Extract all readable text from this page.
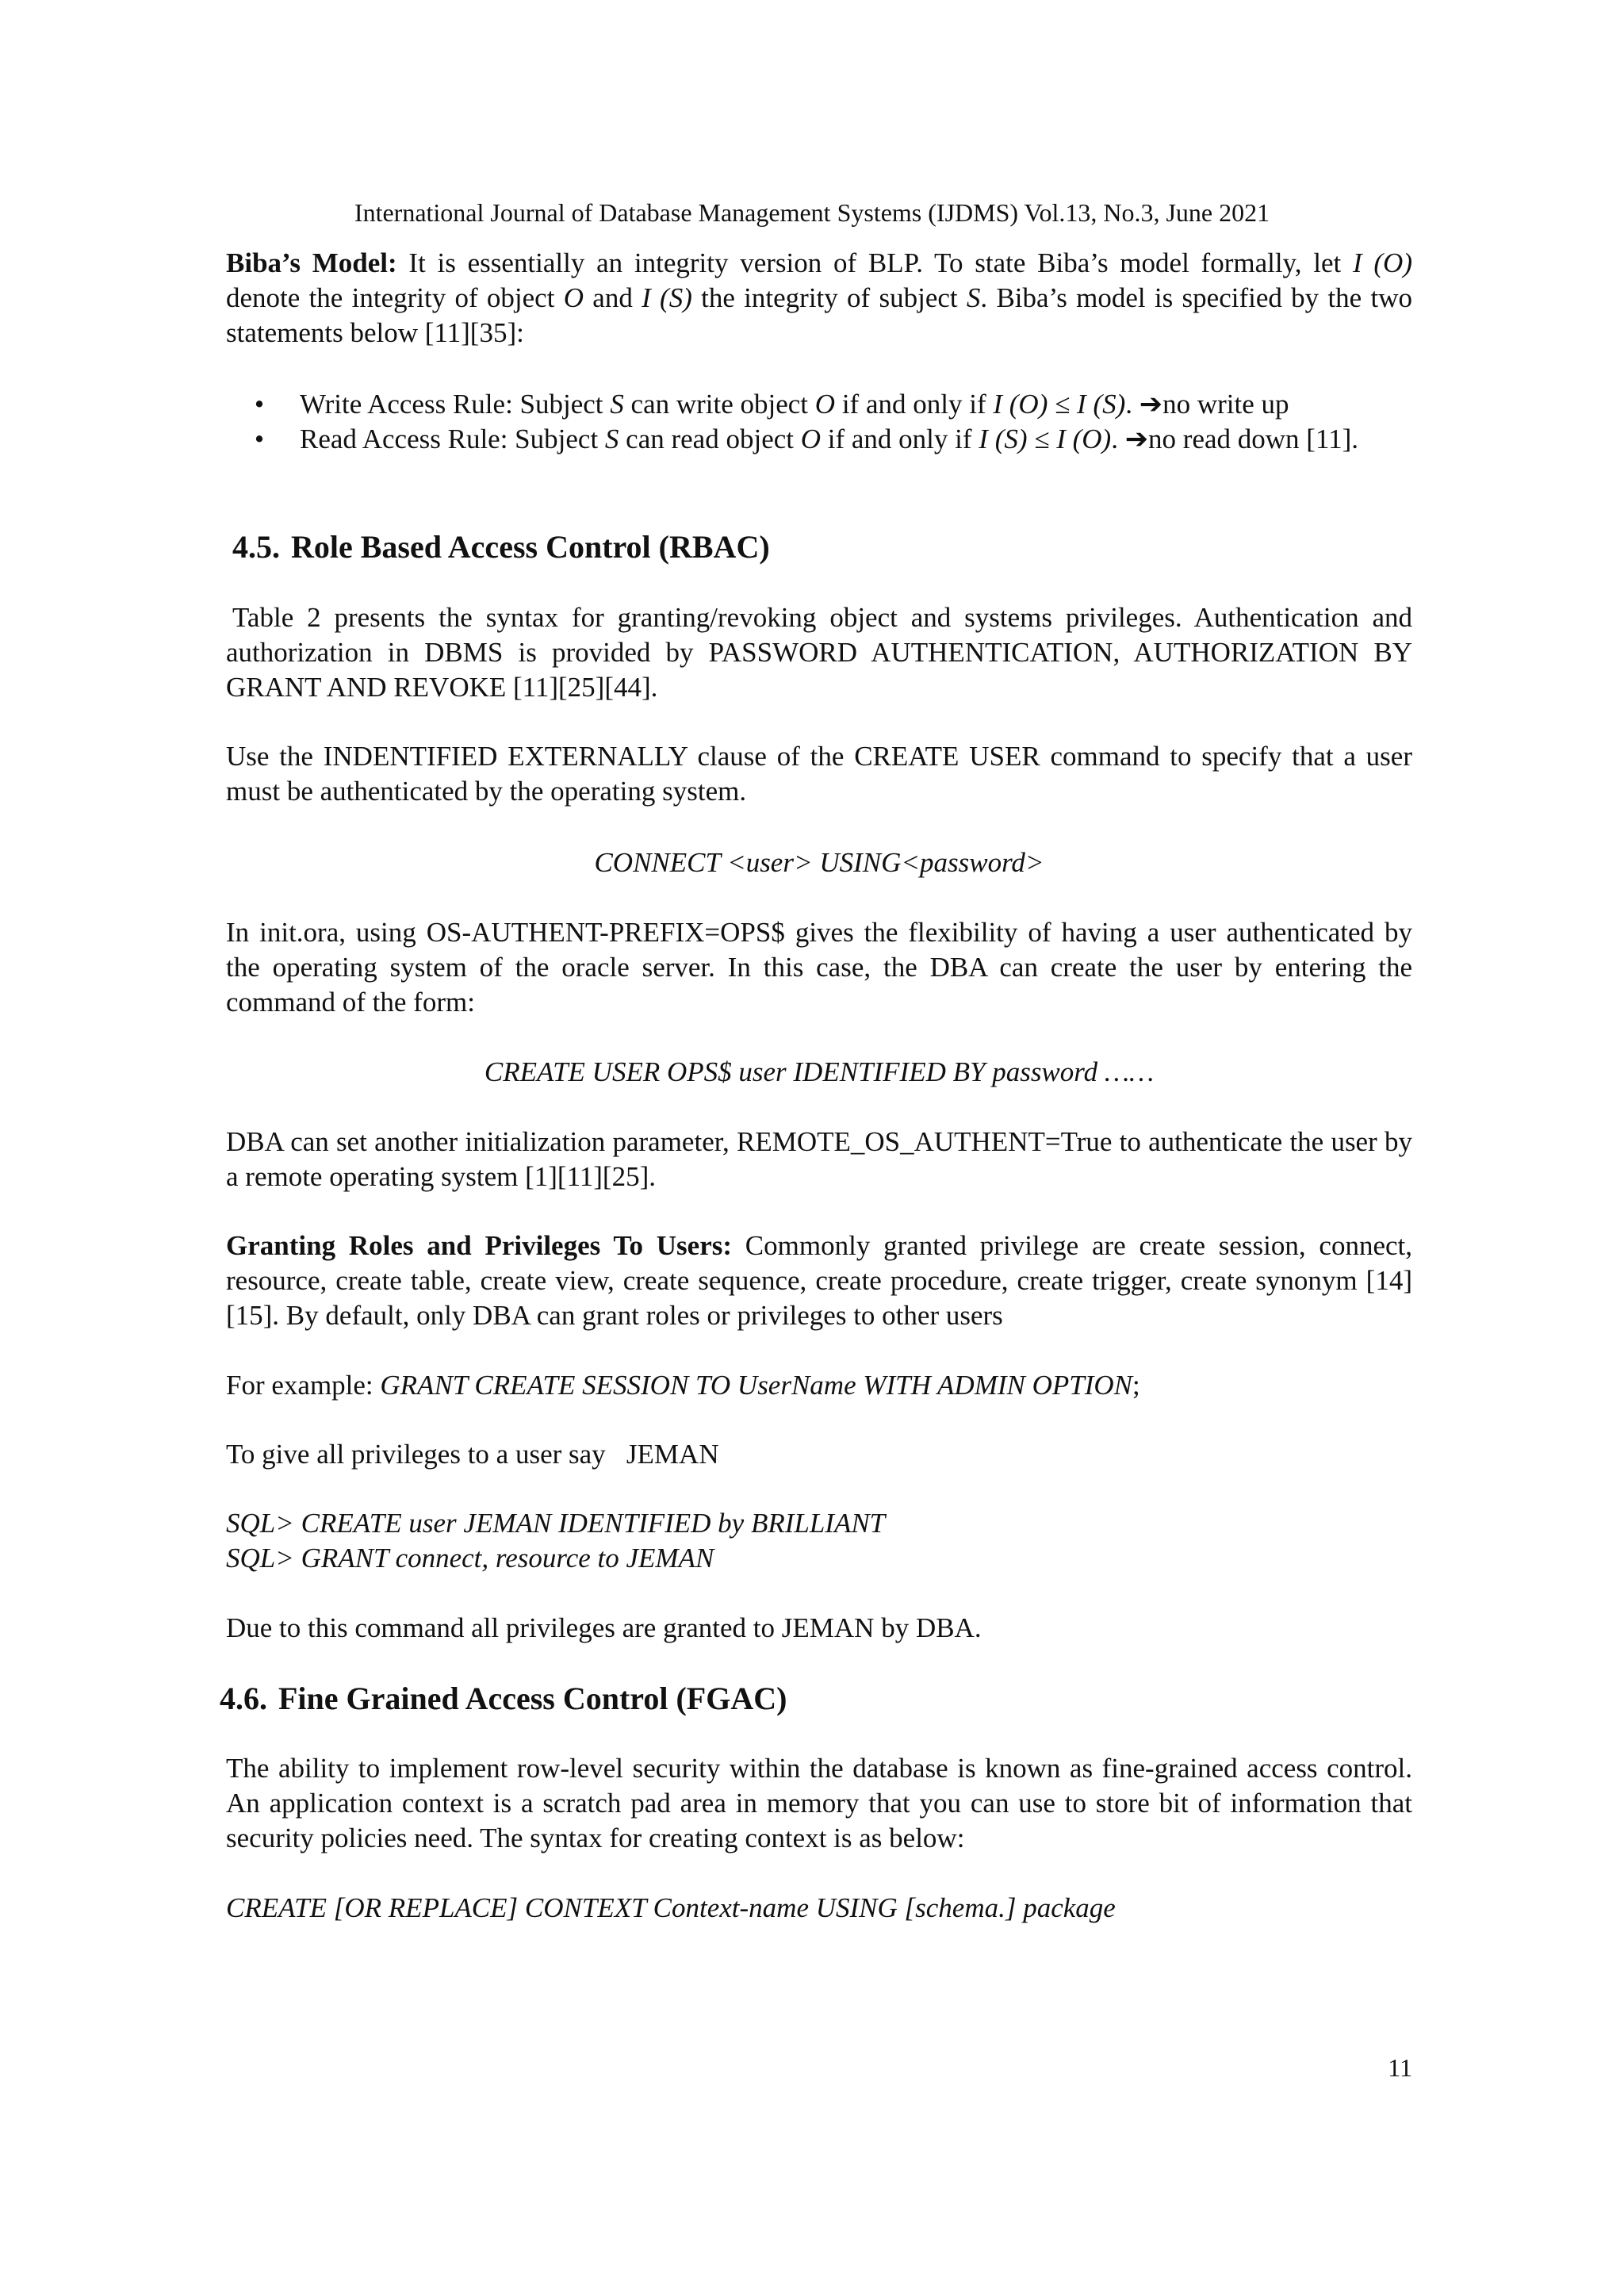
International Journal of Database Management Systems (IJDMS) Vol.13, No.3, June 2021

Biba’s Model: It is essentially an integrity version of BLP. To state Biba’s model formally, let I (O) denote the integrity of object O and I (S) the integrity of subject S. Biba’s model is specified by the two statements below [11][35]:

• Write Access Rule: Subject S can write object O if and only if I (O) ≤ I (S). ➔no write up
• Read Access Rule: Subject S can read object O if and only if I (S) ≤ I (O). ➔no read down [11].
4.5. Role Based Access Control (RBAC)

Table 2 presents the syntax for granting/revoking object and systems privileges. Authentication and authorization in DBMS is provided by PASSWORD AUTHENTICATION, AUTHORIZATION BY GRANT AND REVOKE [11][25][44].

Use the INDENTIFIED EXTERNALLY clause of the CREATE USER command to specify that a user must be authenticated by the operating system.

CONNECT <user> USING<password>

In init.ora, using OS-AUTHENT-PREFIX=OPS$ gives the flexibility of having a user authenticated by the operating system of the oracle server. In this case, the DBA can create the user by entering the command of the form:

CREATE USER OPS$ user IDENTIFIED BY password ……

DBA can set another initialization parameter, REMOTE_OS_AUTHENT=True to authenticate the user by a remote operating system [1][11][25].

Granting Roles and Privileges To Users: Commonly granted privilege are create session, connect, resource, create table, create view, create sequence, create procedure, create trigger, create synonym [14][15]. By default, only DBA can grant roles or privileges to other users

For example: GRANT CREATE SESSION TO UserName WITH ADMIN OPTION;

To give all privileges to a user say   JEMAN

SQL> CREATE user JEMAN IDENTIFIED by BRILLIANT

SQL> GRANT connect, resource to JEMAN

Due to this command all privileges are granted to JEMAN by DBA.

4.6. Fine Grained Access Control (FGAC)

The ability to implement row-level security within the database is known as fine-grained access control. An application context is a scratch pad area in memory that you can use to store bit of information that security policies need. The syntax for creating context is as below:

CREATE [OR REPLACE] CONTEXT Context-name USING [schema.] package

11
